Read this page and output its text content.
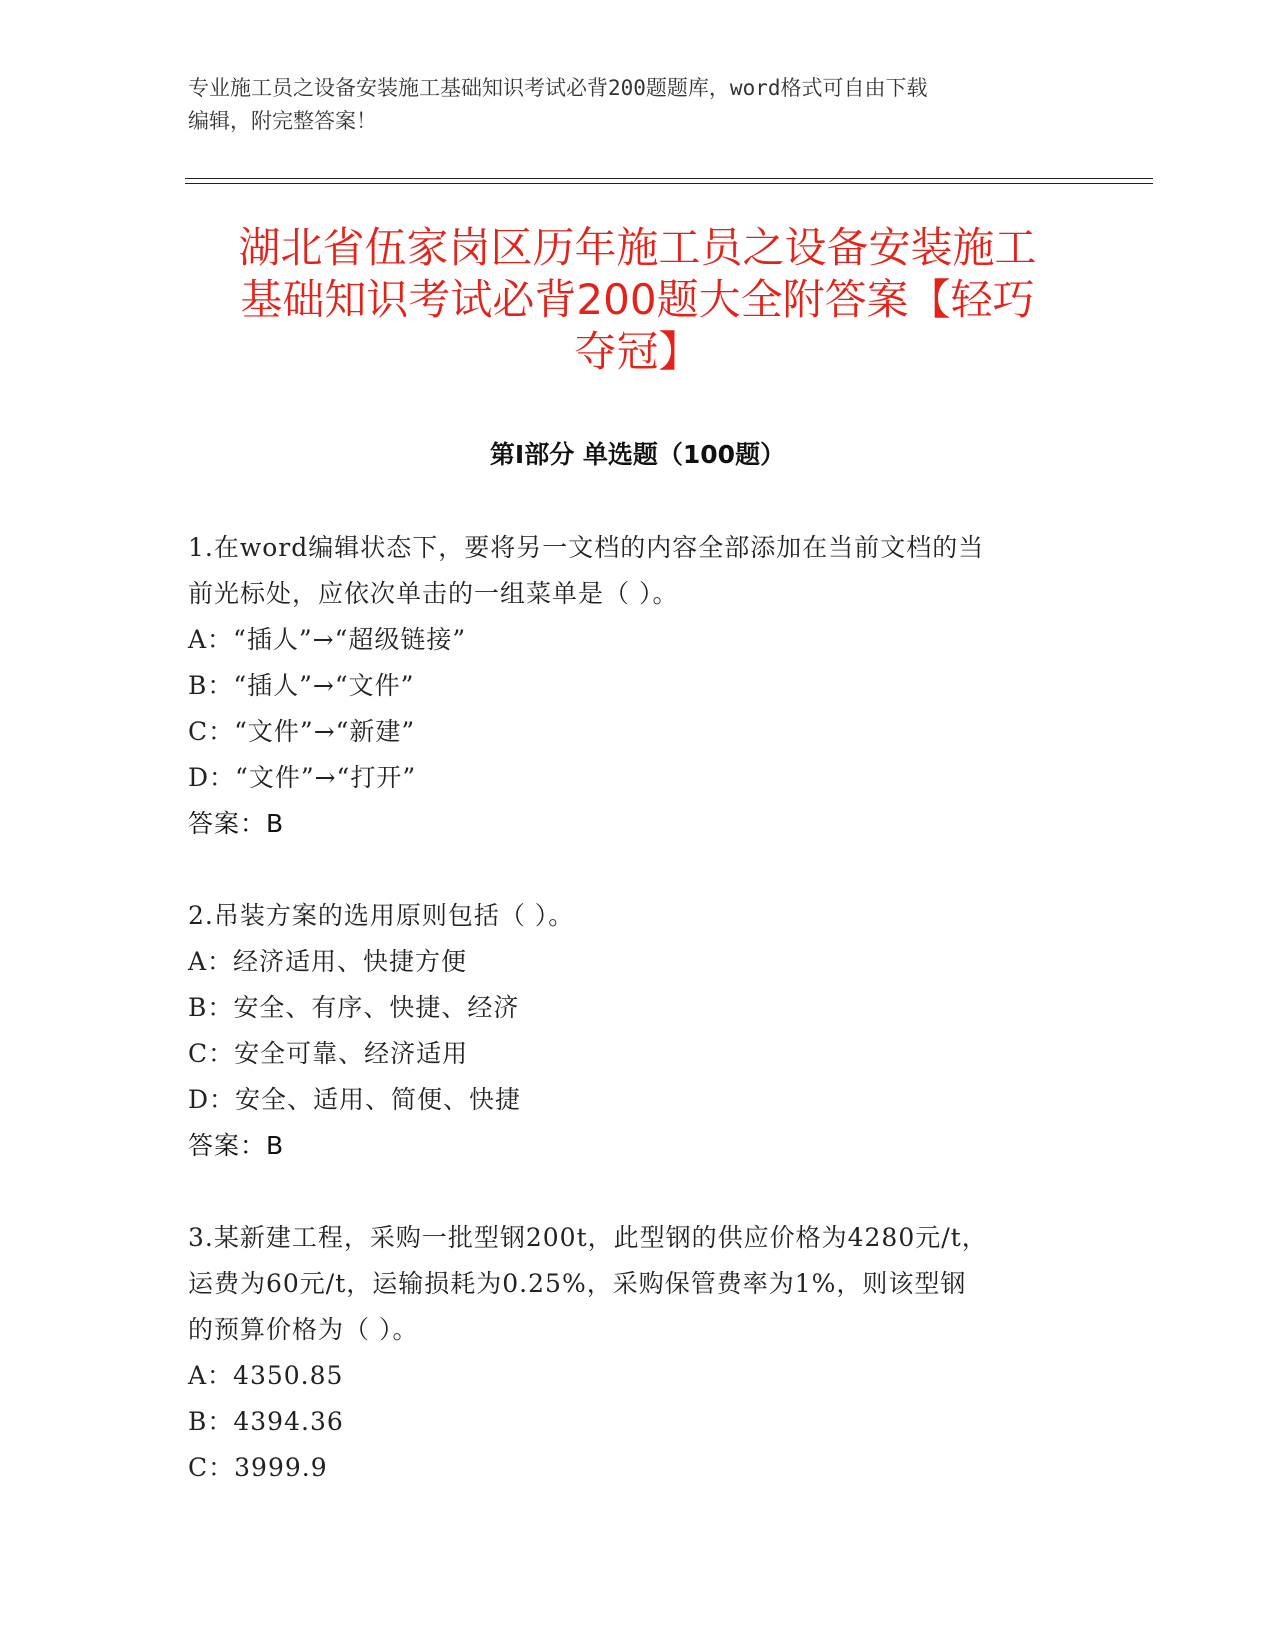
专业施工员之设备安装施工基础知识考试必背200题题库，word格式可自由下载
编辑，附完整答案！
湖北省伍家岗区历年施工员之设备安装施工
基础知识考试必背200题大全附答案【轻巧
夺冠】
第Ⅰ部分 单选题（100题）

1.在word编辑状态下，要将另一文档的内容全部添加在当前文档的当

前光标处，应依次单击的一组菜单是（ ）。

A：“插人”→“超级链接”

B：“插人”→“文件”

C：“文件”→“新建”

D：“文件”→“打开”

答案：B

2.吊装方案的选用原则包括（ ）。

A：经济适用、快捷方便

B：安全、有序、快捷、经济

C：安全可靠、经济适用

D：安全、适用、简便、快捷

答案：B

3.某新建工程，采购一批型钢200t，此型钢的供应价格为4280元/t，

运费为60元/t，运输损耗为0.25%，采购保管费率为1%，则该型钢

的预算价格为（ ）。

A：4350.85

B：4394.36

C：3999.9
